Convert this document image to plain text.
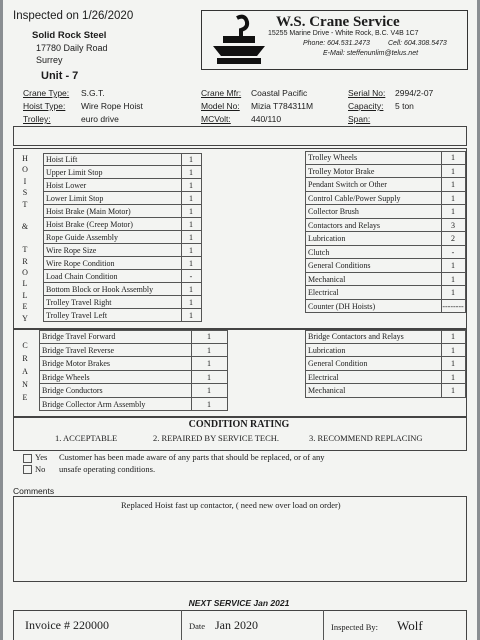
Inspected on 1/26/2020
Solid Rock Steel
17780 Daily Road
Surrey
Unit - 7
W.S. Crane Service
15255 Marine Drive - White Rock, B.C. V4B 1C7
Phone: 604.531.2473	Cell: 604.308.5473
E-Mail: steffenunlim@telus.net
Crane Type: S.G.T.
Hoist Type: Wire Rope Hoist
Trolley:	euro drive
Crane Mfr: Coastal Pacific
Model No: Mizia T784311M
MCVolt: 440/110
Serial No: 2994/2-07
Capacity: 5 ton
Span:
H
O
I
S
T
&
T
R
O
L
L
E
Y
C
R
A
N
E
CONDITION RATING
1. ACCEPTABLE	2. REPAIRED BY SERVICE TECH.	3. RECOMMEND REPLACING
Yes
No
Customer has been made aware of any parts that should be replaced, or of any
unsafe operating conditions.
Comments
Replaced Hoist fast up contactor, ( need new over load on order)
NEXT SERVICE Jan 2021
Invoice # 220000	Date Jan 2020	Inspected By: Wolf
Hoist Lift	1
Upper Limit Stop	1
Hoist Lower	1
Lower Limit Stop	1
Hoist Brake (Main Motor)	1
Hoist Brake (Creep Motor)	1
Rope Guide Assembly	1
Wire Rope Size	1
Wire Rope Condition	1
Load Chain Condition	-
Bottom Block or Hook Assembly	1
Trolley Travel Right	1
Trolley Travel Left	1
Trolley Wheels	1
Trolley Motor Brake	1
Pendant Switch or Other	1
Control Cable/Power Supply	1
Collector Brush	1
Contactors and Relays	3
Lubrication	2
Clutch	-
General Conditions	1
Mechanical	1
Electrical	1
Counter (DH Hoists)	--------
Bridge Travel Forward	1
Bridge Travel Reverse	1
Bridge Motor Brakes	1
Bridge Wheels	1
Bridge Conductors	1
Bridge Collector Arm Assembly	1
Bridge Contactors and Relays	1
Lubrication	1
General Condition	1
Electrical	1
Mechanical	1
